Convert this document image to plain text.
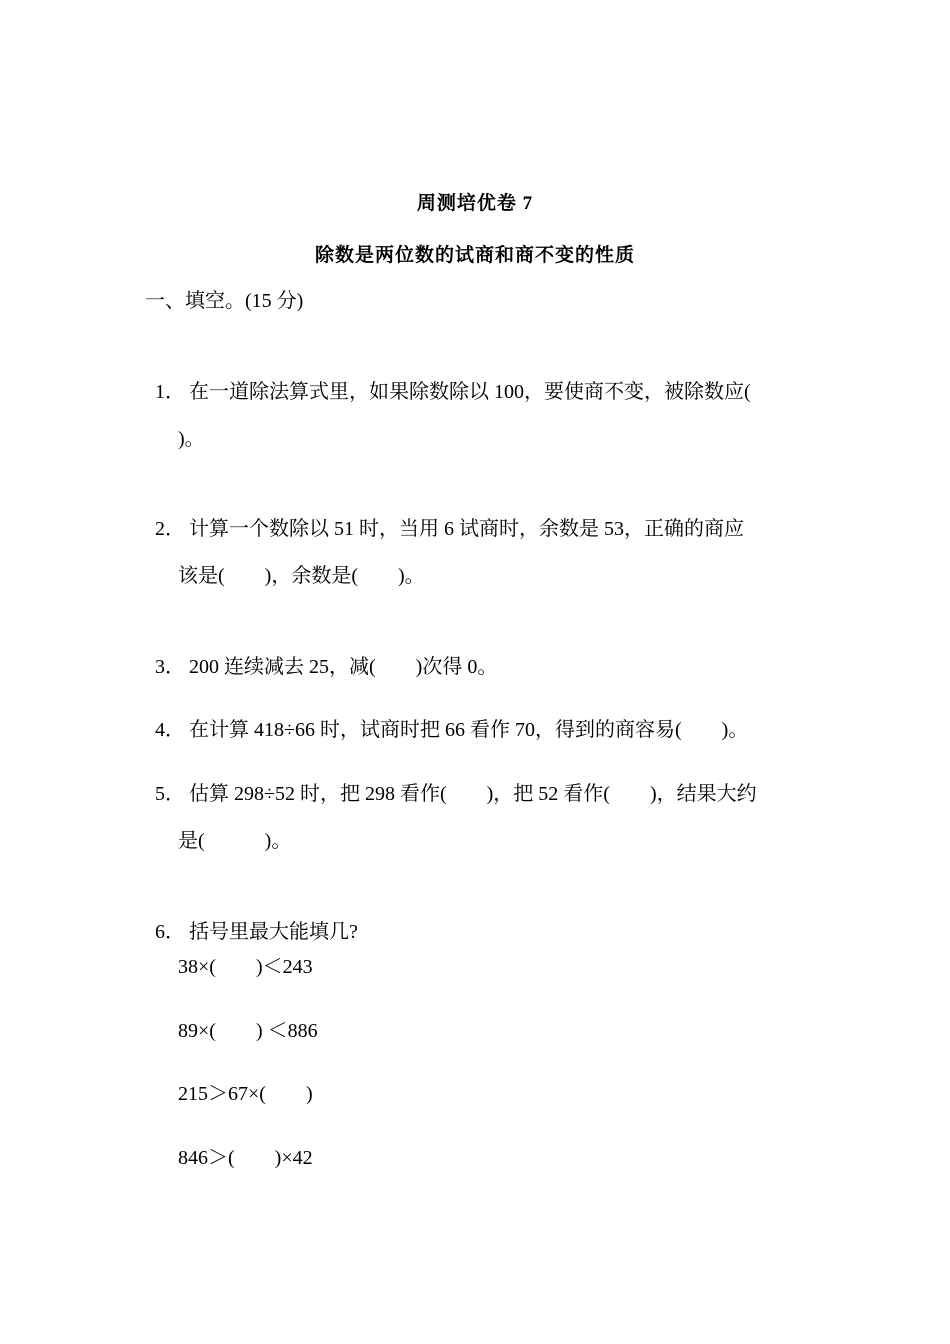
周测培优卷 7
除数是两位数的试商和商不变的性质
一、填空。(15 分)

1． 在一道除法算式里，如果除数除以 100，要使商不变，被除数应(

)。

2． 计算一个数除以 51 时，当用 6 试商时，余数是 53，正确的商应

该是(        )，余数是(        )。

3． 200 连续减去 25，减(        )次得 0。

4． 在计算 418÷66 时，试商时把 66 看作 70，得到的商容易(        )。

5． 估算 298÷52 时，把 298 看作(        )，把 52 看作(        )，结果大约

是(            )。

6． 括号里最大能填几?

38×(        )＜243
89×(        ) ＜886
215＞67×(        )
846＞(        )×42
